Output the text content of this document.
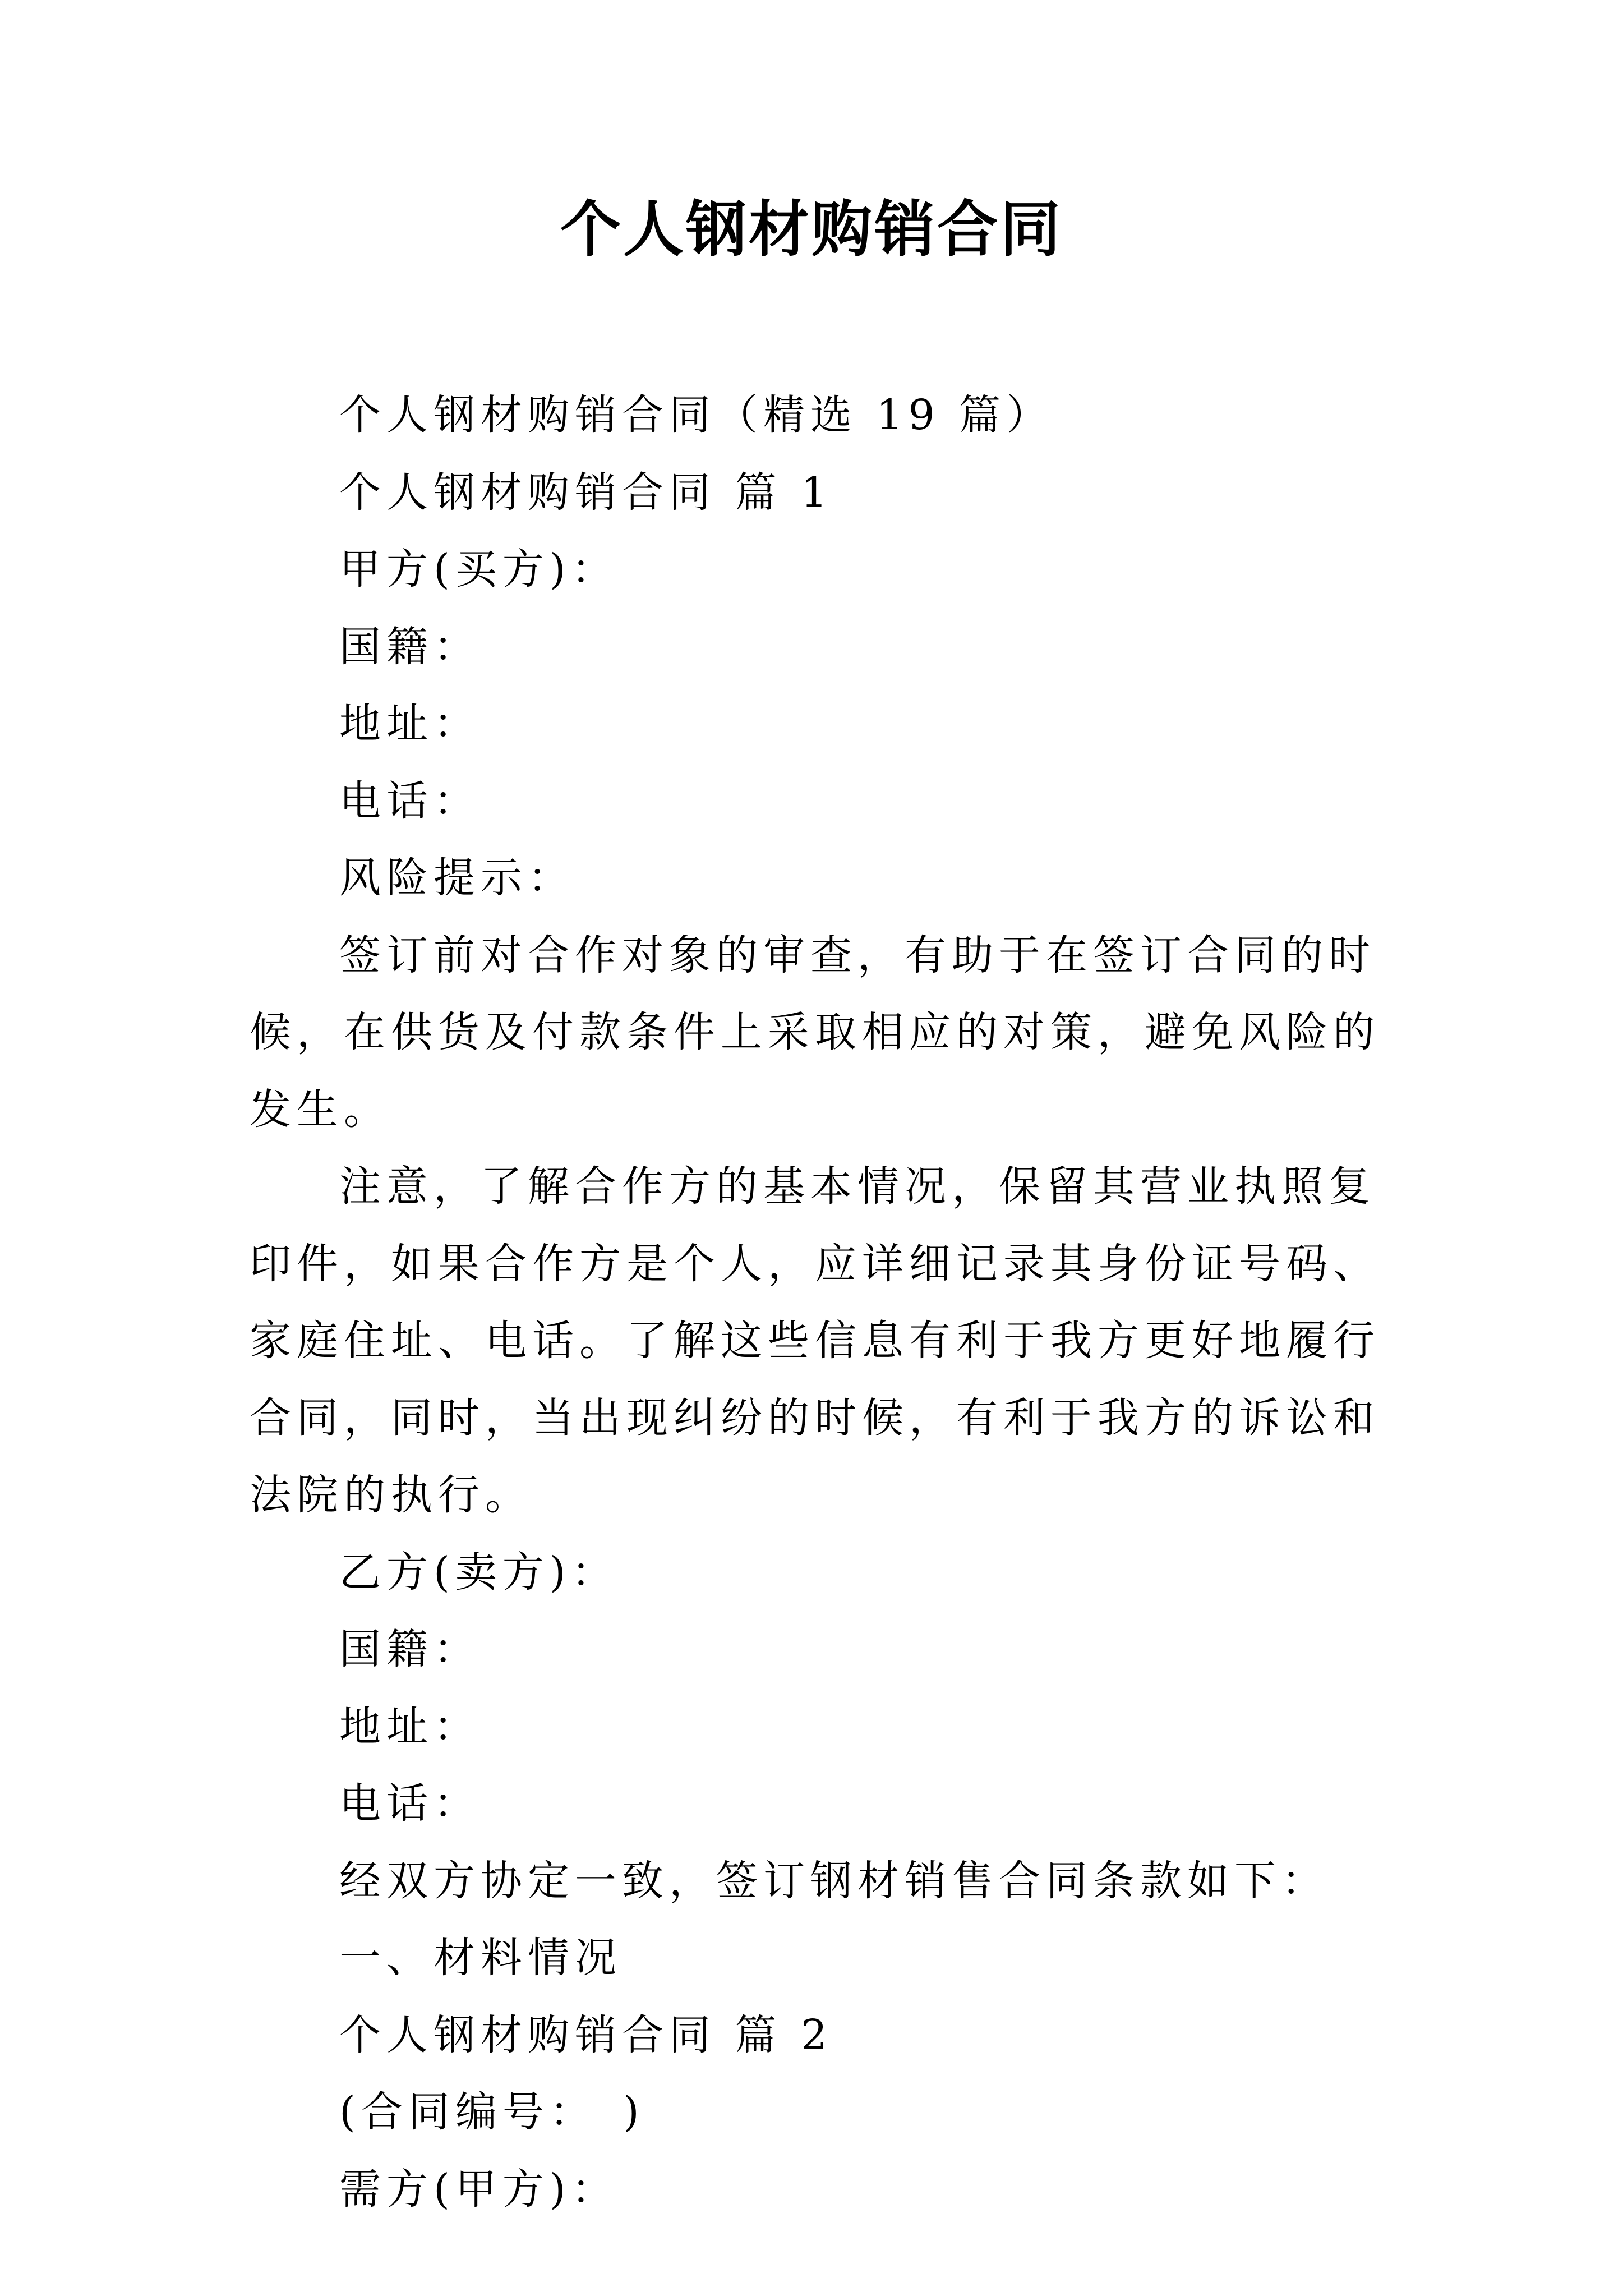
个人钢材购销合同

个人钢材购销合同（精选 19 篇）

个人钢材购销合同 篇 1

甲方(买方)：

国籍：

地址：

电话：

风险提示：

签订前对合作对象的审查，有助于在签订合同的时候，在供货及付款条件上采取相应的对策，避免风险的发生。

注意，了解合作方的基本情况，保留其营业执照复印件，如果合作方是个人，应详细记录其身份证号码、家庭住址、电话。了解这些信息有利于我方更好地履行合同，同时，当出现纠纷的时候，有利于我方的诉讼和法院的执行。

乙方(卖方)：

国籍：

地址：

电话：

经双方协定一致，签订钢材销售合同条款如下：

一、材料情况

个人钢材购销合同 篇 2

(合同编号：　)

需方(甲方)：
